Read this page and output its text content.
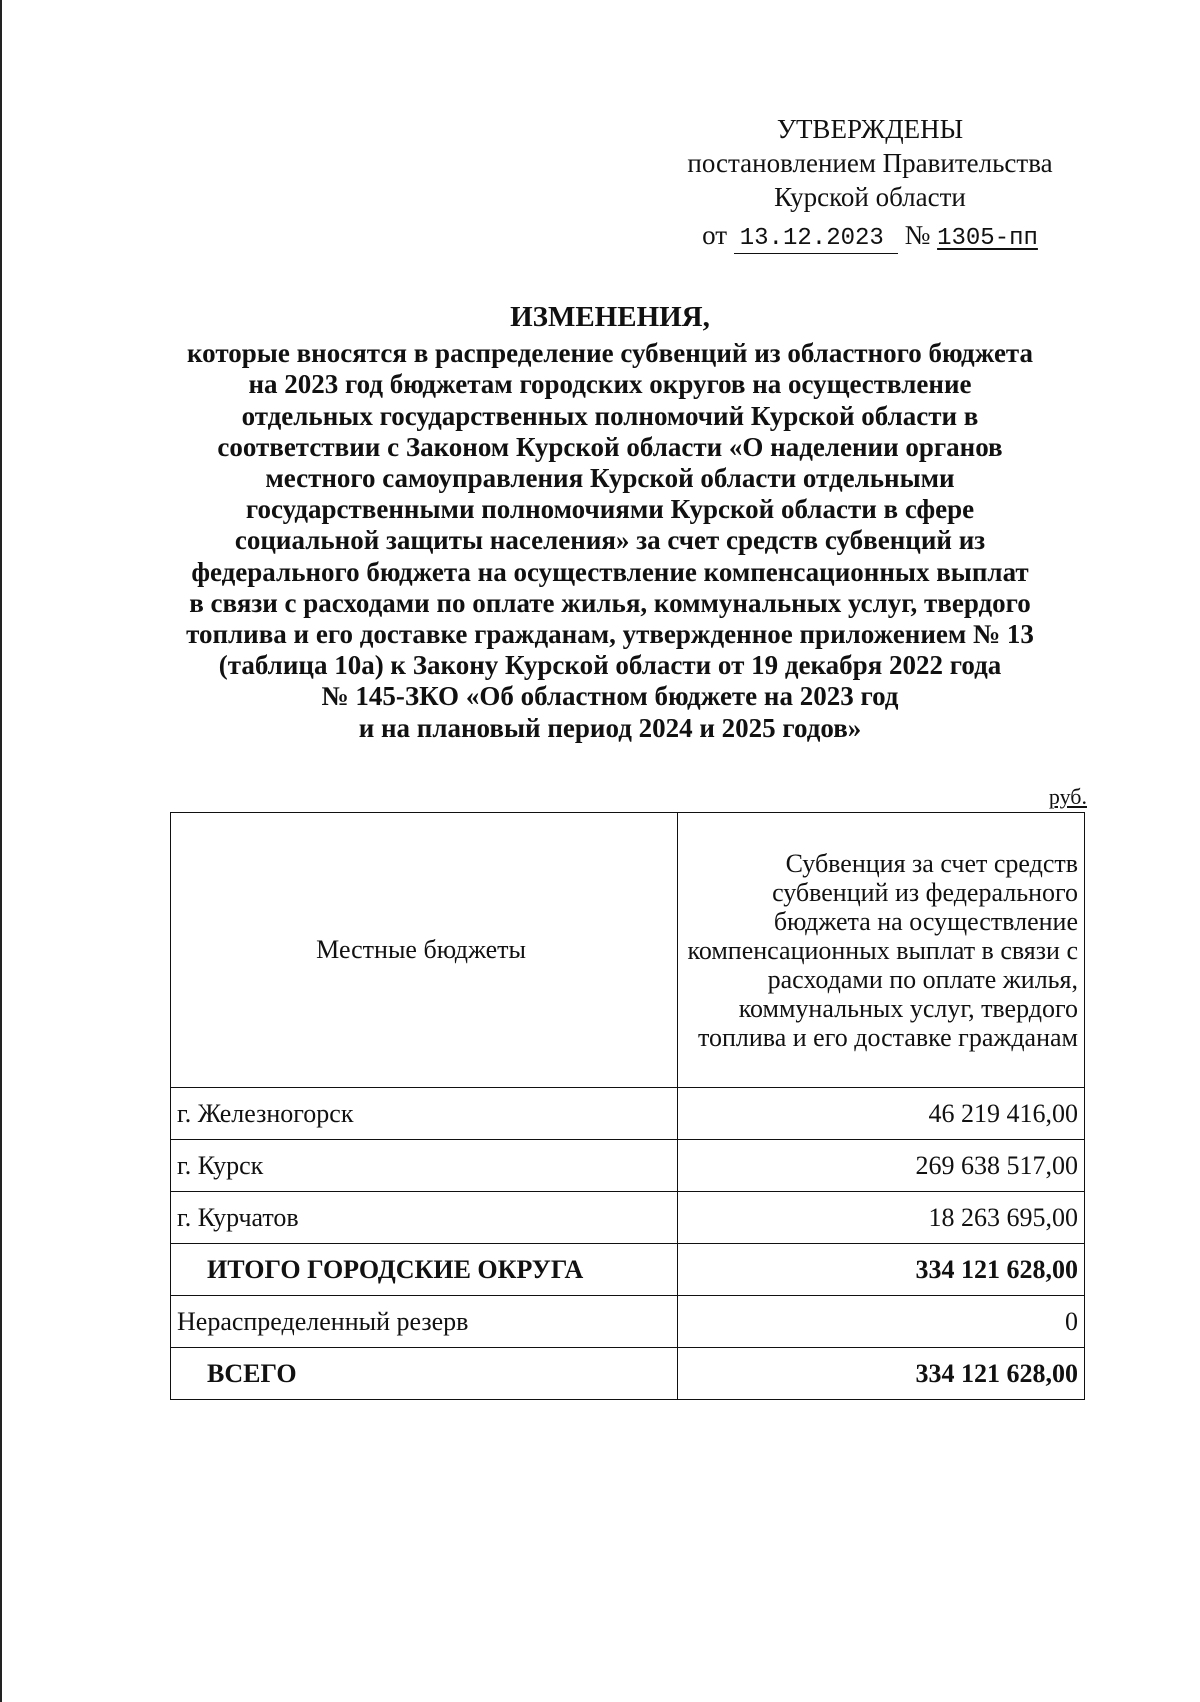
УТВЕРЖДЕНЫ
постановлением Правительства
Курской области
от 13.12.2023 № 1305-пп
ИЗМЕНЕНИЯ,
которые вносятся в распределение субвенций из областного бюджета
на 2023 год бюджетам городских округов на осуществление
отдельных государственных полномочий Курской области в
соответствии с Законом Курской области «О наделении органов
местного самоуправления Курской области отдельными
государственными полномочиями Курской области в сфере
социальной защиты населения» за счет средств субвенций из
федерального бюджета на осуществление компенсационных выплат
в связи с расходами по оплате жилья, коммунальных услуг, твердого
топлива и его доставке гражданам, утвержденное приложением № 13
(таблица 10а) к Закону Курской области от 19 декабря 2022 года
№ 145-ЗКО «Об областном бюджете на 2023 год
и на плановый период 2024 и 2025 годов»
руб.
Местные бюджеты	Субвенция за счет средств субвенций из федерального бюджета на осуществление компенсационных выплат в связи с расходами по оплате жилья, коммунальных услуг, твердого топлива и его доставке гражданам
г. Железногорск	46 219 416,00
г. Курск	269 638 517,00
г. Курчатов	18 263 695,00
ИТОГО ГОРОДСКИЕ ОКРУГА	334 121 628,00
Нераспределенный резерв	0
ВСЕГО	334 121 628,00
